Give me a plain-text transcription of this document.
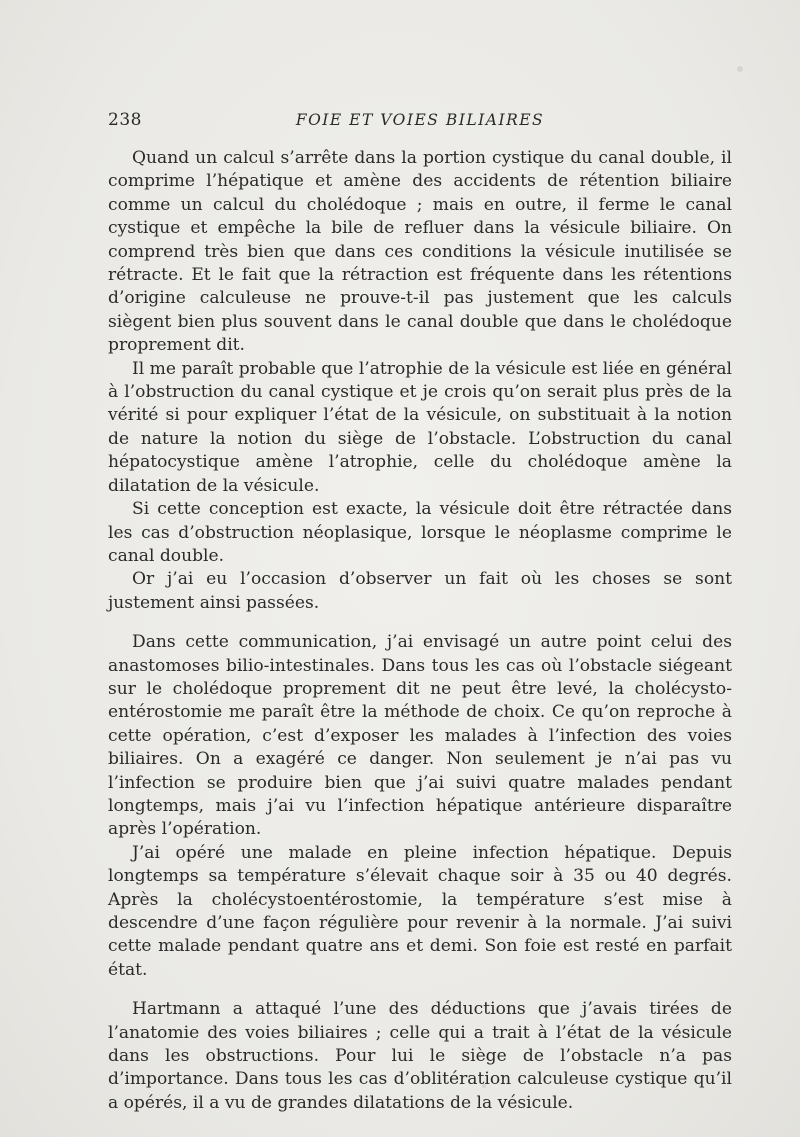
238	FOIE ET VOIES BILIAIRES

Quand un calcul s’arrête dans la portion cystique du canal double, il comprime l’hépatique et amène des accidents de rétention biliaire comme un calcul du cholédoque ; mais en outre, il ferme le canal cystique et empêche la bile de refluer dans la vésicule biliaire. On comprend très bien que dans ces conditions la vésicule inutilisée se rétracte. Et le fait que la rétraction est fréquente dans les rétentions d’origine calculeuse ne prouve-t-il pas justement que les calculs siègent bien plus souvent dans le canal double que dans le cholédoque proprement dit.

Il me paraît probable que l’atrophie de la vésicule est liée en général à l’obstruction du canal cystique et je crois qu’on serait plus près de la vérité si pour expliquer l’état de la vésicule, on substituait à la notion de nature la notion du siège de l’obstacle. L’obstruction du canal hépatocystique amène l’atrophie, celle du cholédoque amène la dilatation de la vésicule.

Si cette conception est exacte, la vésicule doit être rétractée dans les cas d’obstruction néoplasique, lorsque le néoplasme comprime le canal double.

Or j’ai eu l’occasion d’observer un fait où les choses se sont justement ainsi passées.

Dans cette communication, j’ai envisagé un autre point celui des anastomoses bilio-intestinales. Dans tous les cas où l’obstacle siégeant sur le cholédoque proprement dit ne peut être levé, la cholécysto-entérostomie me paraît être la méthode de choix. Ce qu’on reproche à cette opération, c’est d’exposer les malades à l’infection des voies biliaires. On a exagéré ce danger. Non seulement je n’ai pas vu l’infection se produire bien que j’ai suivi quatre malades pendant longtemps, mais j’ai vu l’infection hépatique antérieure disparaître après l’opération.

J’ai opéré une malade en pleine infection hépatique. Depuis longtemps sa température s’élevait chaque soir à 35 ou 40 degrés. Après la cholécystoentérostomie, la température s’est mise à descendre d’une façon régulière pour revenir à la normale. J’ai suivi cette malade pendant quatre ans et demi. Son foie est resté en parfait état.

Hartmann a attaqué l’une des déductions que j’avais tirées de l’anatomie des voies biliaires ; celle qui a trait à l’état de la vésicule dans les obstructions. Pour lui le siège de l’obstacle n’a pas d’importance. Dans tous les cas d’oblitération calculeuse cystique qu’il a opérés, il a vu de grandes dilatations de la vésicule.
